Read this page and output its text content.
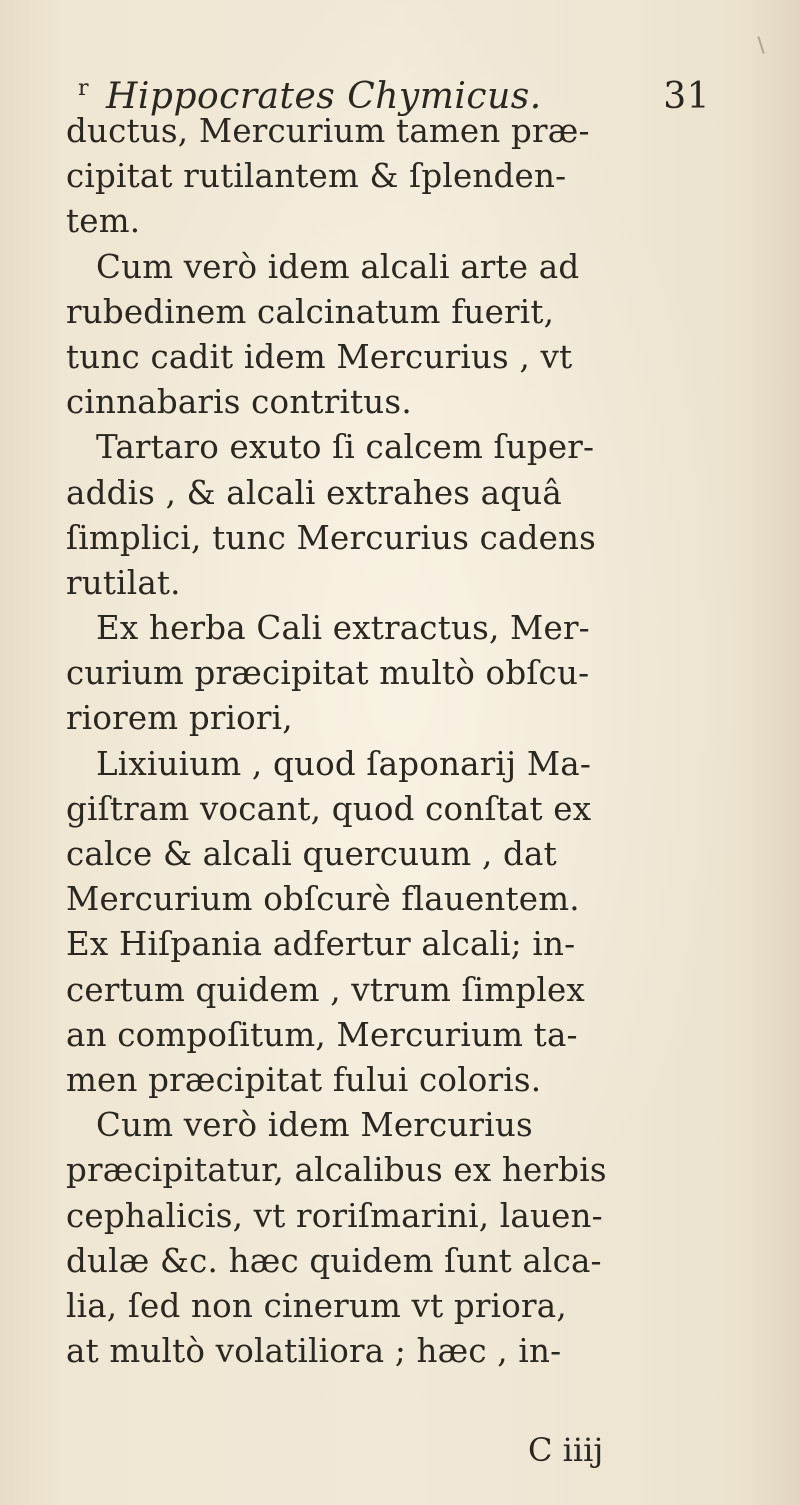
r Hippocrates Chymicus.	31
ductus, Mercurium tamen præ-
cipitat rutilantem & ſplenden-
tem.
Cum verò idem alcali arte ad
rubedinem calcinatum fuerit,
tunc cadit idem Mercurius , vt
cinnabaris contritus.
Tartaro exuto ſi calcem ſuper-
addis , & alcali extrahes aquâ
ſimplici, tunc Mercurius cadens
rutilat.
Ex herba Cali extractus, Mer-
curium præcipitat multò obſcu-
riorem priori,
Lixiuium , quod ſaponarij Ma-
giſtram vocant, quod conſtat ex
calce & alcali quercuum , dat
Mercurium obſcurè flauentem.
Ex Hiſpania adfertur alcali; in-
certum quidem , vtrum ſimplex
an compoſitum, Mercurium ta-
men præcipitat fului coloris.
Cum verò idem Mercurius
præcipitatur, alcalibus ex herbis
cephalicis, vt roriſmarini, lauen-
dulæ &c. hæc quidem ſunt alca-
lia, ſed non cinerum vt priora,
at multò volatiliora ; hæc , in-
C iiij
